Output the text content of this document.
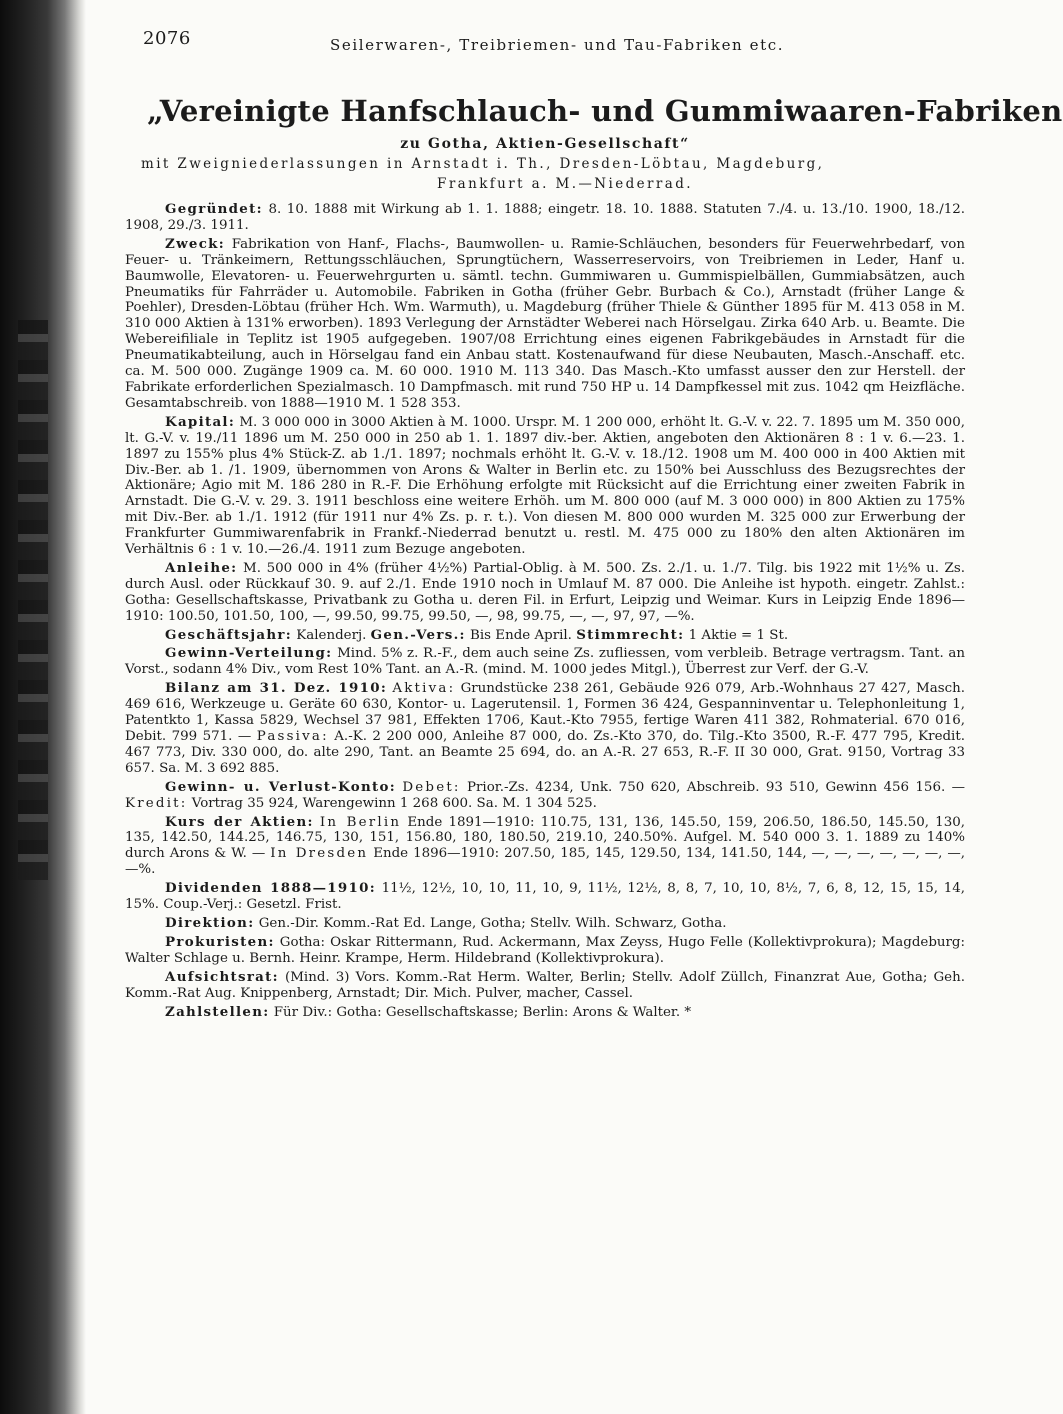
2076	Seilerwaren-, Treibriemen- und Tau-Fabriken etc.
„Vereinigte Hanfschlauch- und Gummiwaaren-Fabriken
zu Gotha, Aktien-Gesellschaft“
mit Zweigniederlassungen in Arnstadt i. Th., Dresden-Löbtau, Magdeburg,
Frankfurt a. M.—Niederrad.

Gegründet: 8. 10. 1888 mit Wirkung ab 1. 1. 1888; eingetr. 18. 10. 1888. Statuten 7./4. u. 13./10. 1900, 18./12. 1908, 29./3. 1911.

Zweck: Fabrikation von Hanf-, Flachs-, Baumwollen- u. Ramie-Schläuchen, besonders für Feuerwehrbedarf, von Feuer- u. Tränkeimern, Rettungsschläuchen, Sprungtüchern, Wasserreservoirs, von Treibriemen in Leder, Hanf u. Baumwolle, Elevatoren- u. Feuerwehrgurten u. sämtl. techn. Gummiwaren u. Gummispielbällen, Gummiabsätzen, auch Pneumatiks für Fahrräder u. Automobile. Fabriken in Gotha (früher Gebr. Burbach & Co.), Arnstadt (früher Lange & Poehler), Dresden-Löbtau (früher Hch. Wm. Warmuth), u. Magdeburg (früher Thiele & Günther 1895 für M. 413 058 in M. 310 000 Aktien à 131% erworben). 1893 Verlegung der Arnstädter Weberei nach Hörselgau. Zirka 640 Arb. u. Beamte. Die Webereifiliale in Teplitz ist 1905 aufgegeben. 1907/08 Errichtung eines eigenen Fabrikgebäudes in Arnstadt für die Pneumatikabteilung, auch in Hörselgau fand ein Anbau statt. Kostenaufwand für diese Neubauten, Masch.-Anschaff. etc. ca. M. 500 000. Zugänge 1909 ca. M. 60 000. 1910 M. 113 340. Das Masch.-Kto umfasst ausser den zur Herstell. der Fabrikate erforderlichen Spezialmasch. 10 Dampfmasch. mit rund 750 HP u. 14 Dampfkessel mit zus. 1042 qm Heizfläche. Gesamtabschreib. von 1888—1910 M. 1 528 353.

Kapital: M. 3 000 000 in 3000 Aktien à M. 1000. Urspr. M. 1 200 000, erhöht lt. G.-V. v. 22. 7. 1895 um M. 350 000, lt. G.-V. v. 19./11 1896 um M. 250 000 in 250 ab 1. 1. 1897 div.-ber. Aktien, angeboten den Aktionären 8 : 1 v. 6.—23. 1. 1897 zu 155% plus 4% Stück-Z. ab 1./1. 1897; nochmals erhöht lt. G.-V. v. 18./12. 1908 um M. 400 000 in 400 Aktien mit Div.-Ber. ab 1. /1. 1909, übernommen von Arons & Walter in Berlin etc. zu 150% bei Ausschluss des Bezugsrechtes der Aktionäre; Agio mit M. 186 280 in R.-F. Die Erhöhung erfolgte mit Rücksicht auf die Errichtung einer zweiten Fabrik in Arnstadt. Die G.-V. v. 29. 3. 1911 beschloss eine weitere Erhöh. um M. 800 000 (auf M. 3 000 000) in 800 Aktien zu 175% mit Div.-Ber. ab 1./1. 1912 (für 1911 nur 4% Zs. p. r. t.). Von diesen M. 800 000 wurden M. 325 000 zur Erwerbung der Frankfurter Gummiwarenfabrik in Frankf.-Niederrad benutzt u. restl. M. 475 000 zu 180% den alten Aktionären im Verhältnis 6 : 1 v. 10.—26./4. 1911 zum Bezuge angeboten.

Anleihe: M. 500 000 in 4% (früher 4½%) Partial-Oblig. à M. 500. Zs. 2./1. u. 1./7. Tilg. bis 1922 mit 1½% u. Zs. durch Ausl. oder Rückkauf 30. 9. auf 2./1. Ende 1910 noch in Umlauf M. 87 000. Die Anleihe ist hypoth. eingetr. Zahlst.: Gotha: Gesellschaftskasse, Privatbank zu Gotha u. deren Fil. in Erfurt, Leipzig und Weimar. Kurs in Leipzig Ende 1896—1910: 100.50, 101.50, 100, —, 99.50, 99.75, 99.50, —, 98, 99.75, —, —, 97, 97, —%.

Geschäftsjahr: Kalenderj. Gen.-Vers.: Bis Ende April. Stimmrecht: 1 Aktie = 1 St.

Gewinn-Verteilung: Mind. 5% z. R.-F., dem auch seine Zs. zufliessen, vom verbleib. Betrage vertragsm. Tant. an Vorst., sodann 4% Div., vom Rest 10% Tant. an A.-R. (mind. M. 1000 jedes Mitgl.), Überrest zur Verf. der G.-V.

Bilanz am 31. Dez. 1910: Aktiva: Grundstücke 238 261, Gebäude 926 079, Arb.-Wohnhaus 27 427, Masch. 469 616, Werkzeuge u. Geräte 60 630, Kontor- u. Lagerutensil. 1, Formen 36 424, Gespanninventar u. Telephonleitung 1, Patentkto 1, Kassa 5829, Wechsel 37 981, Effekten 1706, Kaut.-Kto 7955, fertige Waren 411 382, Rohmaterial. 670 016, Debit. 799 571. — Passiva: A.-K. 2 200 000, Anleihe 87 000, do. Zs.-Kto 370, do. Tilg.-Kto 3500, R.-F. 477 795, Kredit. 467 773, Div. 330 000, do. alte 290, Tant. an Beamte 25 694, do. an A.-R. 27 653, R.-F. II 30 000, Grat. 9150, Vortrag 33 657. Sa. M. 3 692 885.

Gewinn- u. Verlust-Konto: Debet: Prior.-Zs. 4234, Unk. 750 620, Abschreib. 93 510, Gewinn 456 156. — Kredit: Vortrag 35 924, Warengewinn 1 268 600. Sa. M. 1 304 525.

Kurs der Aktien: In Berlin Ende 1891—1910: 110.75, 131, 136, 145.50, 159, 206.50, 186.50, 145.50, 130, 135, 142.50, 144.25, 146.75, 130, 151, 156.80, 180, 180.50, 219.10, 240.50%. Aufgel. M. 540 000 3. 1. 1889 zu 140% durch Arons & W. — In Dresden Ende 1896—1910: 207.50, 185, 145, 129.50, 134, 141.50, 144, —, —, —, —, —, —, —, —%.

Dividenden 1888—1910: 11½, 12½, 10, 10, 11, 10, 9, 11½, 12½, 8, 8, 7, 10, 10, 8½, 7, 6, 8, 12, 15, 15, 14, 15%. Coup.-Verj.: Gesetzl. Frist.

Direktion: Gen.-Dir. Komm.-Rat Ed. Lange, Gotha; Stellv. Wilh. Schwarz, Gotha.

Prokuristen: Gotha: Oskar Rittermann, Rud. Ackermann, Max Zeyss, Hugo Felle (Kollektivprokura); Magdeburg: Walter Schlage u. Bernh. Heinr. Krampe, Herm. Hildebrand (Kollektivprokura).

Aufsichtsrat: (Mind. 3) Vors. Komm.-Rat Herm. Walter, Berlin; Stellv. Adolf Züllch, Finanzrat Aue, Gotha; Geh. Komm.-Rat Aug. Knippenberg, Arnstadt; Dir. Mich. Pulver, macher, Cassel.

Zahlstellen: Für Div.: Gotha: Gesellschaftskasse; Berlin: Arons & Walter. *
